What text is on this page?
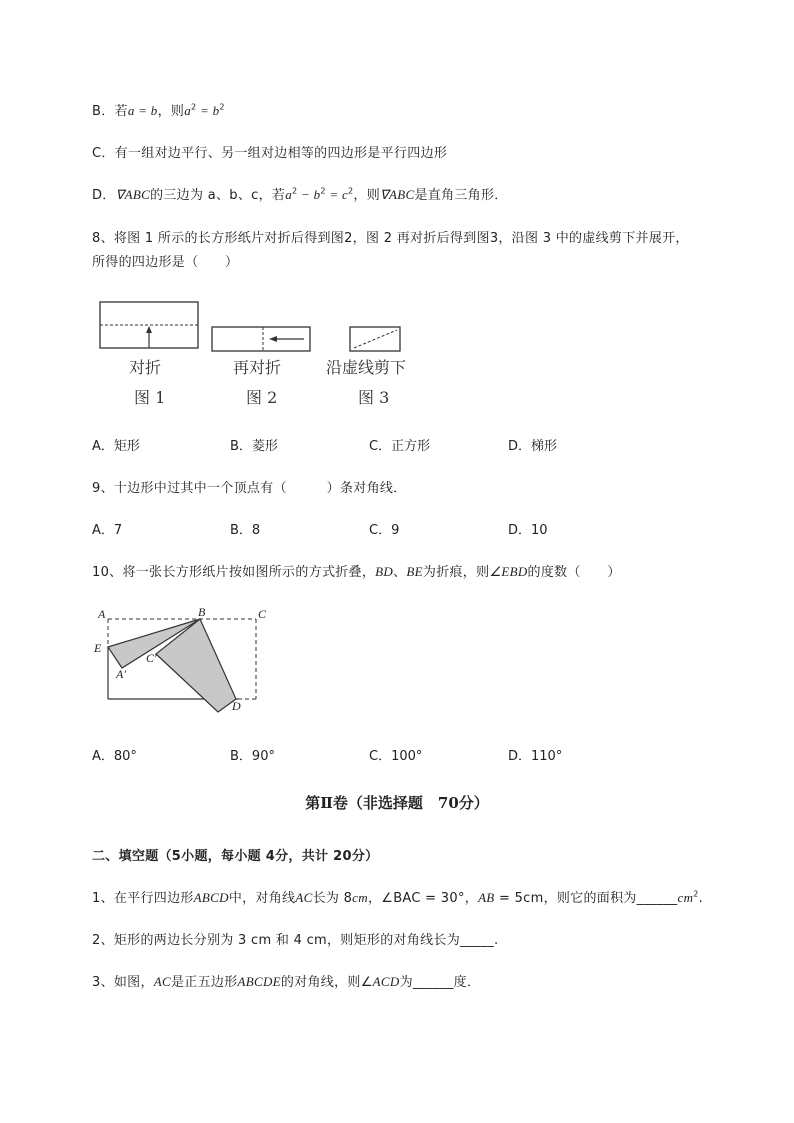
B．若a = b，则$a^2 = b^2$
C．有一组对边平行、另一组对边相等的四边形是平行四边形
D．∇ABC的三边为 a、b、c，若$a^2 - b^2 = c^2$，则∇ABC是直角三角形．
8、将图 1 所示的长方形纸片对折后得到图2，图 2 再对折后得到图3，沿图 3 中的虚线剪下并展开，
所得的四边形是（　　）
对折
图 1
再对折
图 2
沿虚线剪下
图 3
A．矩形	B．菱形	C．正方形	D．梯形
9、十边形中过其中一个顶点有（　　　）条对角线．
A．7	B．8	C．9	D．10
10、将一张长方形纸片按如图所示的方式折叠，BD、BE为折痕，则∠EBD的度数（　　）
A	B	C
E
A′
C′
D
A．80°	B．90°	C．100°	D．110°
第Ⅱ卷（非选择题　70分）
二、填空题（5小题，每小题 4分，共计 20分）
1、在平行四边形ABCD中，对角线AC长为 8cm，∠BAC = 30°，AB = 5cm，则它的面积为$\_\_\_\_\_\_cm^2$.
2、矩形的两边长分别为 3 cm 和 4 cm，则矩形的对角线长为_____.
3、如图，AC是正五边形ABCDE的对角线，则∠ACD为______度．
